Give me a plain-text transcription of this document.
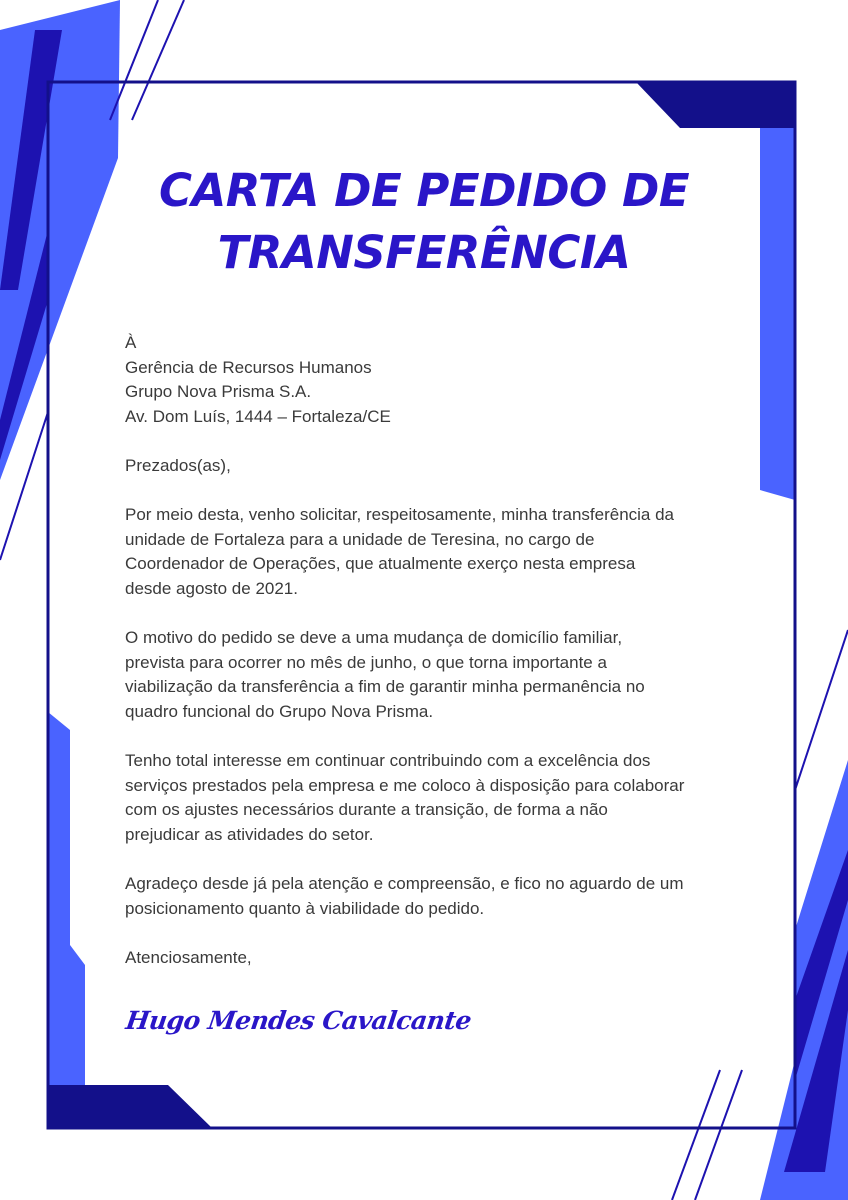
CARTA DE PEDIDO DE
TRANSFERÊNCIA

À
Gerência de Recursos Humanos
Grupo Nova Prisma S.A.
Av. Dom Luís, 1444 – Fortaleza/CE

Prezados(as),

Por meio desta, venho solicitar, respeitosamente, minha transferência da
unidade de Fortaleza para a unidade de Teresina, no cargo de
Coordenador de Operações, que atualmente exerço nesta empresa
desde agosto de 2021.

O motivo do pedido se deve a uma mudança de domicílio familiar,
prevista para ocorrer no mês de junho, o que torna importante a
viabilização da transferência a fim de garantir minha permanência no
quadro funcional do Grupo Nova Prisma.

Tenho total interesse em continuar contribuindo com a excelência dos
serviços prestados pela empresa e me coloco à disposição para colaborar
com os ajustes necessários durante a transição, de forma a não
prejudicar as atividades do setor.

Agradeço desde já pela atenção e compreensão, e fico no aguardo de um
posicionamento quanto à viabilidade do pedido.

Atenciosamente,

Hugo Mendes Cavalcante
